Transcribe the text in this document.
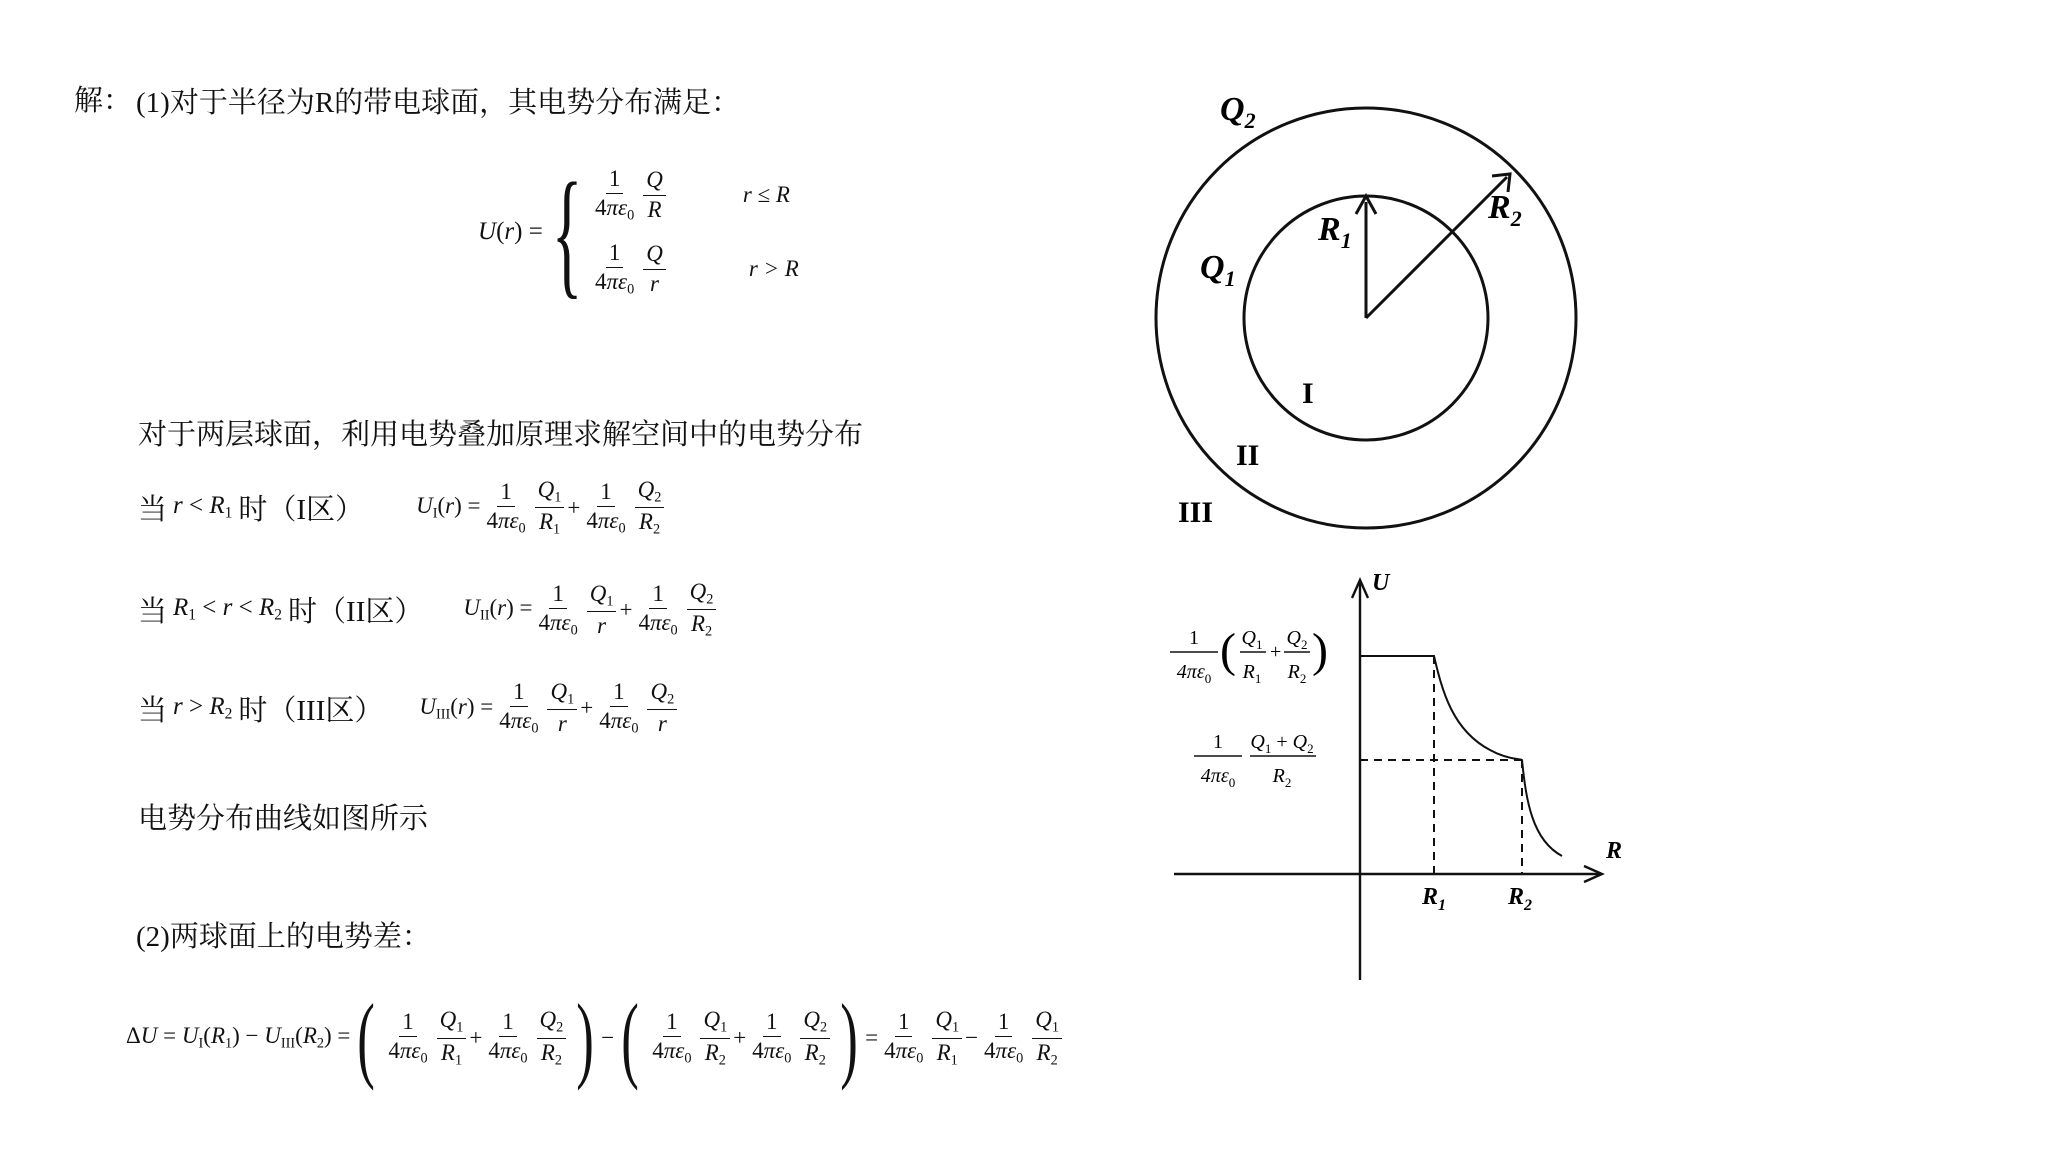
解： (1)对于半径为R的带电球面，其电势分布满足：
U(r) = { $\frac{1}{4\pi\varepsilon_0} \frac{Q}{R}$	r ≤ R
$\frac{1}{4\pi\varepsilon_0} \frac{Q}{r}$	r > R
对于两层球面，利用电势叠加原理求解空间中的电势分布
当 $r < R_1$ 时（I区） $U_I(r) = \frac{1}{4\pi\varepsilon_0} \frac{Q_1}{R_1} + \frac{1}{4\pi\varepsilon_0} \frac{Q_2}{R_2}$
当 $R_1 < r < R_2$ 时（II区） $U_{II}(r) = \frac{1}{4\pi\varepsilon_0} \frac{Q_1}{r} + \frac{1}{4\pi\varepsilon_0} \frac{Q_2}{R_2}$
当 $r > R_2$ 时（III区） $U_{III}(r) = \frac{1}{4\pi\varepsilon_0} \frac{Q_1}{r} + \frac{1}{4\pi\varepsilon_0} \frac{Q_2}{r}$
电势分布曲线如图所示
(2)两球面上的电势差：
$\Delta U = U_I(R_1) - U_{III}(R_2)$ = ( $\frac{1}{4\pi\varepsilon_0} \frac{Q_1}{R_1} + \frac{1}{4\pi\varepsilon_0} \frac{Q_2}{R_2}$ ) − ( $\frac{1}{4\pi\varepsilon_0} \frac{Q_1}{R_2} + \frac{1}{4\pi\varepsilon_0} \frac{Q_2}{R_2}$ ) = $\frac{1}{4\pi\varepsilon_0} \frac{Q_1}{R_1} - \frac{1}{4\pi\varepsilon_0} \frac{Q_1}{R_2}$
$Q_2$
$Q_1$
$R_1$
$R_2$
I
II
III
U
R
$R_1$	$R_2$
1
$4\pi\varepsilon_0$
( $Q_1$
$R_1$
+
$Q_2$
$R_2$
)
1
$4\pi\varepsilon_0$
$Q_1 + Q_2$
$R_2$
